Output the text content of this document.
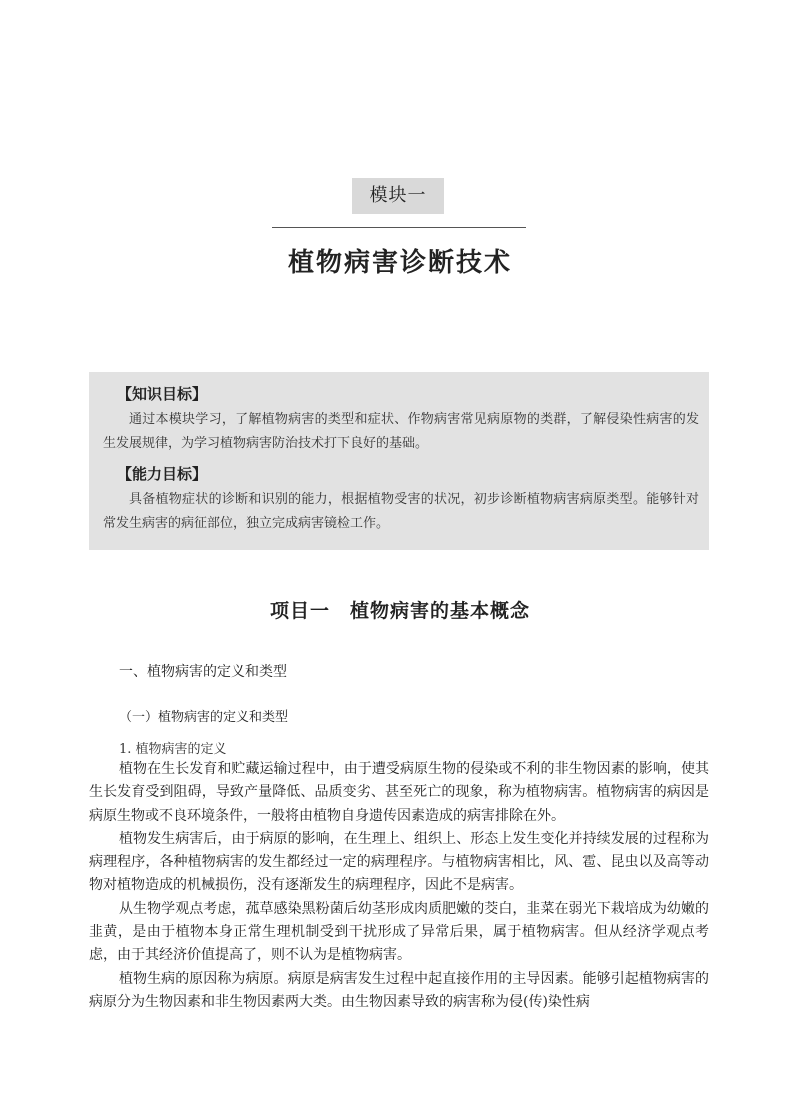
模块一
植物病害诊断技术
【知识目标】

通过本模块学习，了解植物病害的类型和症状、作物病害常见病原物的类群，了解侵染性病害的发生发展规律，为学习植物病害防治技术打下良好的基础。

【能力目标】

具备植物症状的诊断和识别的能力，根据植物受害的状况，初步诊断植物病害病原类型。能够针对常发生病害的病征部位，独立完成病害镜检工作。

项目一　植物病害的基本概念
一、植物病害的定义和类型
（一）植物病害的定义和类型
1. 植物病害的定义

植物在生长发育和贮藏运输过程中，由于遭受病原生物的侵染或不利的非生物因素的影响，使其生长发育受到阻碍，导致产量降低、品质变劣、甚至死亡的现象，称为植物病害。植物病害的病因是病原生物或不良环境条件，一般将由植物自身遗传因素造成的病害排除在外。

植物发生病害后，由于病原的影响，在生理上、组织上、形态上发生变化并持续发展的过程称为病理程序，各种植物病害的发生都经过一定的病理程序。与植物病害相比，风、雹、昆虫以及高等动物对植物造成的机械损伤，没有逐渐发生的病理程序，因此不是病害。

从生物学观点考虑，菰草感染黑粉菌后幼茎形成肉质肥嫩的茭白，韭菜在弱光下栽培成为幼嫩的韭黄，是由于植物本身正常生理机制受到干扰形成了异常后果，属于植物病害。但从经济学观点考虑，由于其经济价值提高了，则不认为是植物病害。

植物生病的原因称为病原。病原是病害发生过程中起直接作用的主导因素。能够引起植物病害的病原分为生物因素和非生物因素两大类。由生物因素导致的病害称为侵(传)染性病
